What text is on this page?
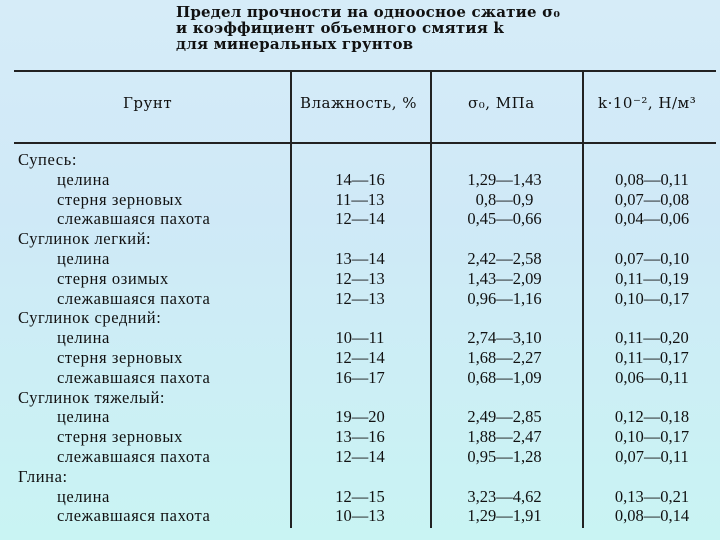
Предел прочности на одноосное сжатие σ₀
и коэффициент объемного смятия k
для минеральных грунтов
Грунт	Влажность, %	σ₀, МПа	k·10⁻², Н/м³
Супесь:
целина	14—16	1,29—1,43	0,08—0,11
стерня зерновых	11—13	0,8—0,9	0,07—0,08
слежавшаяся пахота	12—14	0,45—0,66	0,04—0,06
Суглинок легкий:
целина	13—14	2,42—2,58	0,07—0,10
стерня озимых	12—13	1,43—2,09	0,11—0,19
слежавшаяся пахота	12—13	0,96—1,16	0,10—0,17
Суглинок средний:
целина	10—11	2,74—3,10	0,11—0,20
стерня зерновых	12—14	1,68—2,27	0,11—0,17
слежавшаяся пахота	16—17	0,68—1,09	0,06—0,11
Суглинок тяжелый:
целина	19—20	2,49—2,85	0,12—0,18
стерня зерновых	13—16	1,88—2,47	0,10—0,17
слежавшаяся пахота	12—14	0,95—1,28	0,07—0,11
Глина:
целина	12—15	3,23—4,62	0,13—0,21
слежавшаяся пахота	10—13	1,29—1,91	0,08—0,14
